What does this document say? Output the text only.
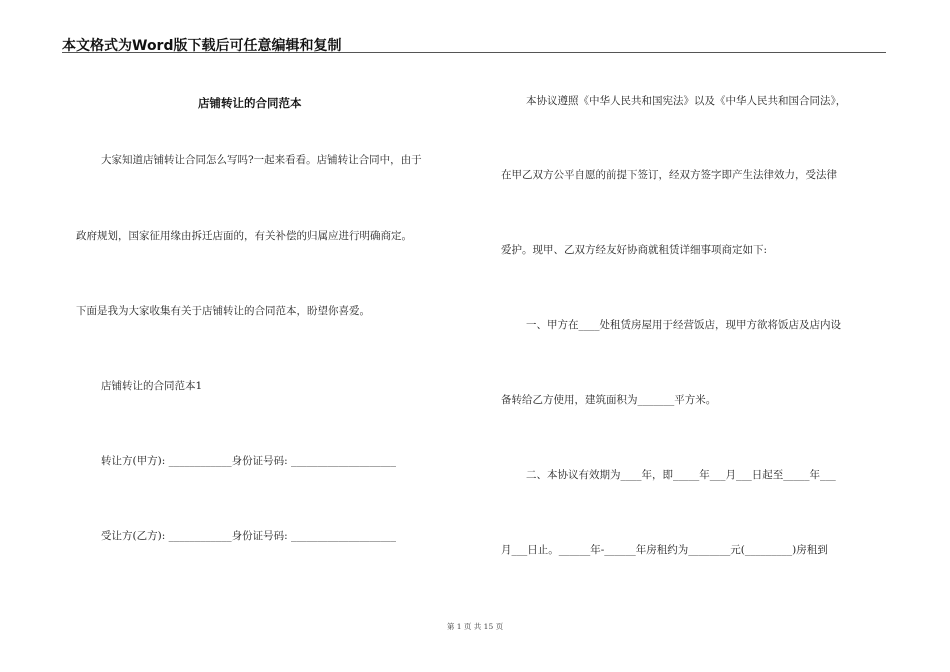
本文格式为Word版下载后可任意编辑和复制
店铺转让的合同范本
大家知道店铺转让合同怎么写吗?一起来看看。店铺转让合同中，由于
政府规划，国家征用缘由拆迁店面的，有关补偿的归属应进行明确商定。
下面是我为大家收集有关于店铺转让的合同范本，盼望你喜爱。
店铺转让的合同范本1
转让方(甲方): ____________身份证号码: ____________________
受让方(乙方): ____________身份证号码: ____________________
本协议遵照《中华人民共和国宪法》以及《中华人民共和国合同法》，
在甲乙双方公平自愿的前提下签订，经双方签字即产生法律效力，受法律
爱护。现甲、乙双方经友好协商就租赁详细事项商定如下:
一、甲方在____处租赁房屋用于经营饭店，现甲方欲将饭店及店内设
备转给乙方使用，建筑面积为_______平方米。
二、本协议有效期为____年，即_____年___月___日起至_____年___
月___日止。______年-______年房租约为________元(_________)房租到
第 1 页 共 15 页
